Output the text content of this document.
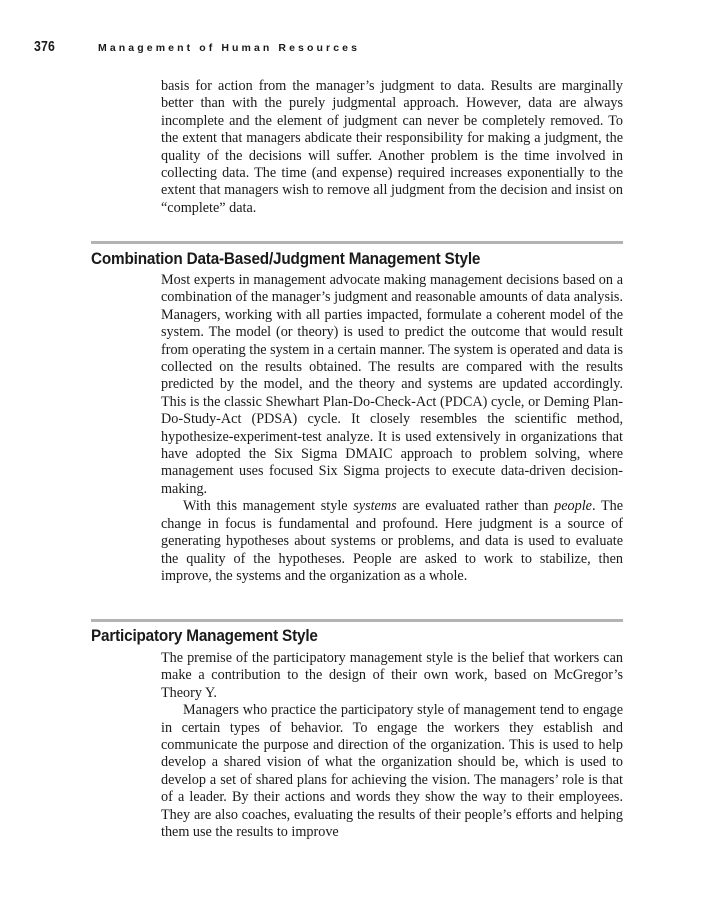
376	Management of Human Resources

basis for action from the manager’s judgment to data. Results are marginally better than with the purely judgmental approach. However, data are always incomplete and the element of judgment can never be completely removed. To the extent that managers abdicate their responsibility for making a judgment, the quality of the decisions will suffer. Another problem is the time involved in collecting data. The time (and expense) required increases exponentially to the extent that managers wish to remove all judgment from the decision and insist on “complete” data.

Combination Data-Based/Judgment Management Style

Most experts in management advocate making management decisions based on a combination of the manager’s judgment and reasonable amounts of data analysis. Managers, working with all parties impacted, formulate a coherent model of the system. The model (or theory) is used to predict the outcome that would result from operating the system in a certain manner. The system is operated and data is collected on the results obtained. The results are compared with the results predicted by the model, and the theory and systems are updated accordingly. This is the classic Shewhart Plan-Do-Check-Act (PDCA) cycle, or Deming Plan-Do-Study-Act (PDSA) cycle. It closely resembles the scientific method, hypothesize-experiment-test analyze. It is used extensively in organizations that have adopted the Six Sigma DMAIC approach to problem solving, where management uses focused Six Sigma projects to execute data-driven decision-making.

With this management style systems are evaluated rather than people. The change in focus is fundamental and profound. Here judgment is a source of generating hypotheses about systems or problems, and data is used to evaluate the quality of the hypotheses. People are asked to work to stabilize, then improve, the systems and the organization as a whole.

Participatory Management Style

The premise of the participatory management style is the belief that workers can make a contribution to the design of their own work, based on McGregor’s Theory Y.

Managers who practice the participatory style of management tend to engage in certain types of behavior. To engage the workers they establish and communicate the purpose and direction of the organization. This is used to help develop a shared vision of what the organization should be, which is used to develop a set of shared plans for achieving the vision. The managers’ role is that of a leader. By their actions and words they show the way to their employees. They are also coaches, evaluating the results of their people’s efforts and helping them use the results to improve
